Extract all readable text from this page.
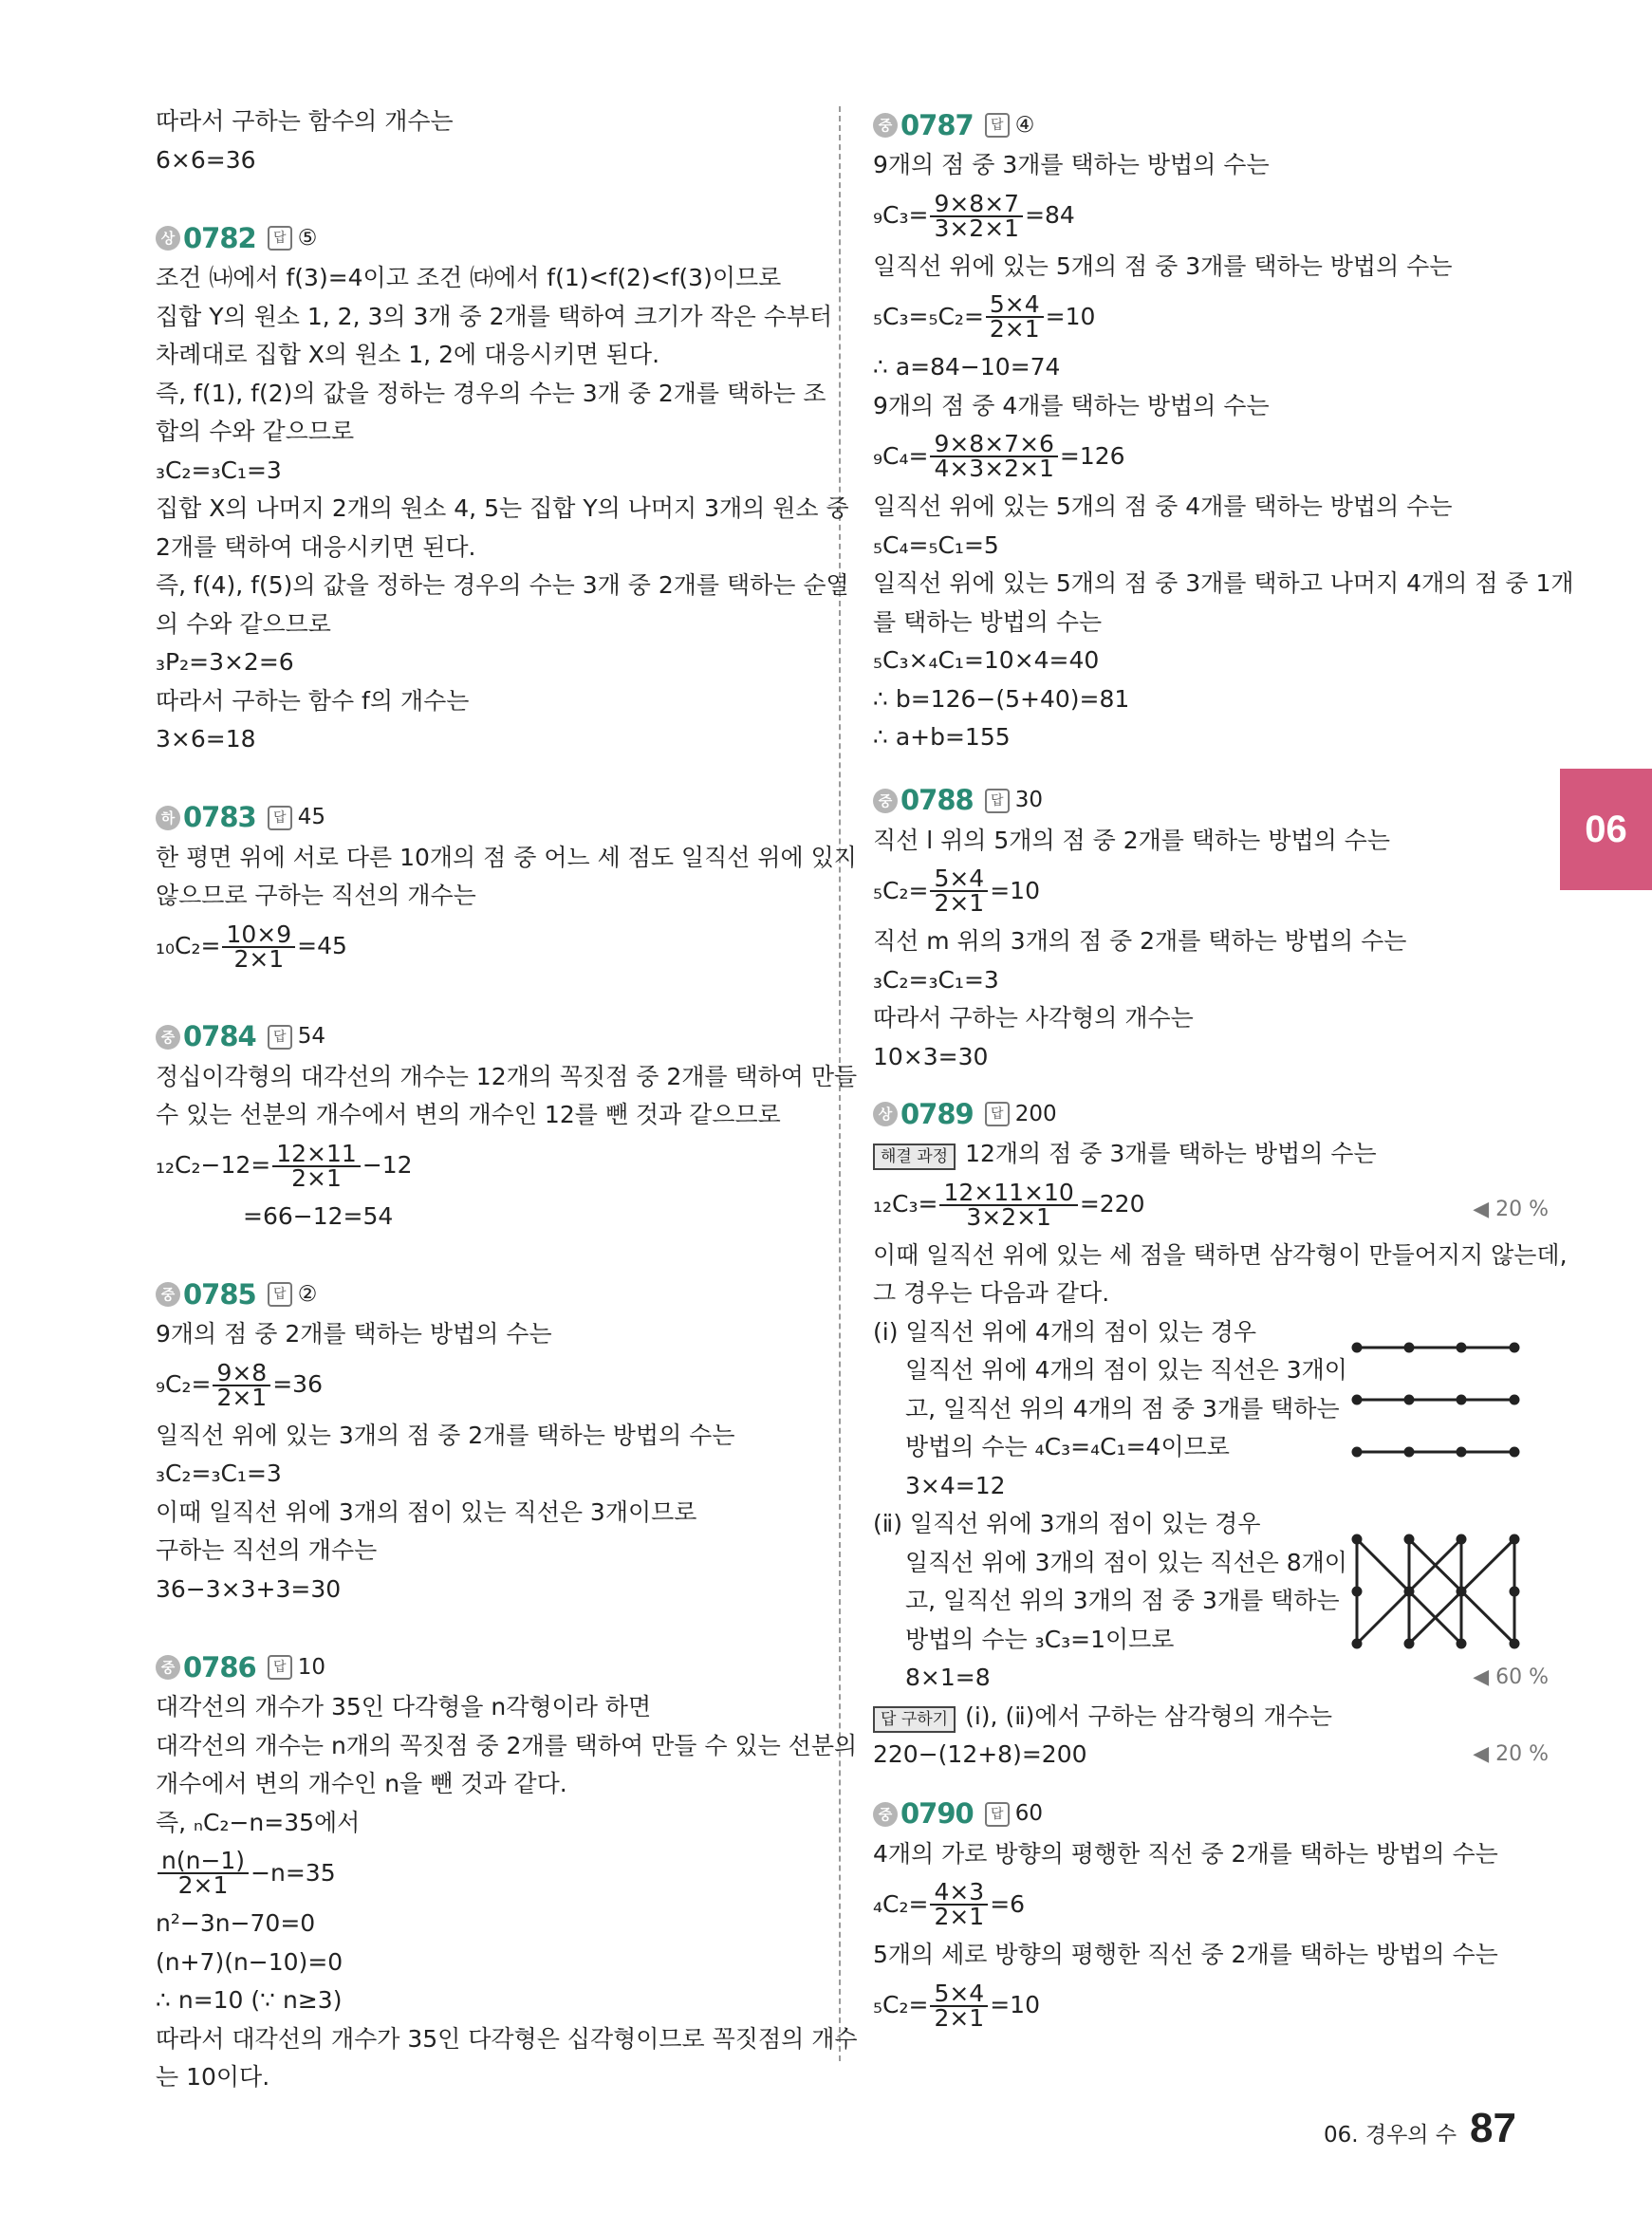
따라서 구하는 함수의 개수는
6×6=36
상 0782	답 ⑤
조건 ㈏에서 f(3)=4이고 조건 ㈐에서 f(1)<f(2)<f(3)이므로
집합 Y의 원소 1, 2, 3의 3개 중 2개를 택하여 크기가 작은 수부터
차례대로 집합 X의 원소 1, 2에 대응시키면 된다.
즉, f(1), f(2)의 값을 정하는 경우의 수는 3개 중 2개를 택하는 조
합의 수와 같으므로
₃C₂=₃C₁=3
집합 X의 나머지 2개의 원소 4, 5는 집합 Y의 나머지 3개의 원소 중
2개를 택하여 대응시키면 된다.
즉, f(4), f(5)의 값을 정하는 경우의 수는 3개 중 2개를 택하는 순열
의 수와 같으므로
₃P₂=3×2=6
따라서 구하는 함수 f의 개수는
3×6=18
하 0783	답 45
한 평면 위에 서로 다른 10개의 점 중 어느 세 점도 일직선 위에 있지
않으므로 구하는 직선의 개수는
$_{10}C_2= \frac{10\times 9}{2\times 1} =45$
중 0784	답 54
정십이각형의 대각선의 개수는 12개의 꼭짓점 중 2개를 택하여 만들
수 있는 선분의 개수에서 변의 개수인 12를 뺀 것과 같으므로
$_{12}C_2-12= \frac{12\times 11}{2\times 1} -12$
=66−12=54
중 0785	답 ②
9개의 점 중 2개를 택하는 방법의 수는
$_9C_2= \frac{9\times 8}{2\times 1} =36$
일직선 위에 있는 3개의 점 중 2개를 택하는 방법의 수는
₃C₂=₃C₁=3
이때 일직선 위에 3개의 점이 있는 직선은 3개이므로
구하는 직선의 개수는
36−3×3+3=30
중 0786	답 10
대각선의 개수가 35인 다각형을 n각형이라 하면
대각선의 개수는 n개의 꼭짓점 중 2개를 택하여 만들 수 있는 선분의
개수에서 변의 개수인 n을 뺀 것과 같다.
즉, ₙC₂−n=35에서
$\frac{n(n-1)}{2\times 1} -n=35$
n²−3n−70=0
(n+7)(n−10)=0
∴ n=10 (∵ n≥3)
따라서 대각선의 개수가 35인 다각형은 십각형이므로 꼭짓점의 개수
는 10이다.
중 0787	답 ④
9개의 점 중 3개를 택하는 방법의 수는
$_9C_3= \frac{9\times 8\times 7}{3\times 2\times 1} =84$
일직선 위에 있는 5개의 점 중 3개를 택하는 방법의 수는
$_5C_3=_5C_2= \frac{5\times 4}{2\times 1} =10$
∴ a=84−10=74
9개의 점 중 4개를 택하는 방법의 수는
$_9C_4= \frac{9\times 8\times 7\times 6}{4\times 3\times 2\times 1} =126$
일직선 위에 있는 5개의 점 중 4개를 택하는 방법의 수는
₅C₄=₅C₁=5
일직선 위에 있는 5개의 점 중 3개를 택하고 나머지 4개의 점 중 1개
를 택하는 방법의 수는
₅C₃×₄C₁=10×4=40
∴ b=126−(5+40)=81
∴ a+b=155
중 0788	답 30
직선 l 위의 5개의 점 중 2개를 택하는 방법의 수는
$_5C_2= \frac{5\times 4}{2\times 1} =10$
직선 m 위의 3개의 점 중 2개를 택하는 방법의 수는
₃C₂=₃C₁=3
따라서 구하는 사각형의 개수는
10×3=30
상 0789	답 200
해결 과정 12개의 점 중 3개를 택하는 방법의 수는
$_{12}C_3= \frac{12\times 11\times 10}{3\times 2\times 1} =220$	◀ 20 %
이때 일직선 위에 있는 세 점을 택하면 삼각형이 만들어지지 않는데,
그 경우는 다음과 같다.
(ⅰ) 일직선 위에 4개의 점이 있는 경우
일직선 위에 4개의 점이 있는 직선은 3개이
고, 일직선 위의 4개의 점 중 3개를 택하는
방법의 수는 ₄C₃=₄C₁=4이므로
3×4=12
(ⅱ) 일직선 위에 3개의 점이 있는 경우
일직선 위에 3개의 점이 있는 직선은 8개이
고, 일직선 위의 3개의 점 중 3개를 택하는
방법의 수는 ₃C₃=1이므로
8×1=8	◀ 60 %
답 구하기 (ⅰ), (ⅱ)에서 구하는 삼각형의 개수는
220−(12+8)=200	◀ 20 %
중 0790	답 60
4개의 가로 방향의 평행한 직선 중 2개를 택하는 방법의 수는
$_4C_2= \frac{4\times 3}{2\times 1} =6$
5개의 세로 방향의 평행한 직선 중 2개를 택하는 방법의 수는
$_5C_2= \frac{5\times 4}{2\times 1} =10$
06
06. 경우의 수 87
